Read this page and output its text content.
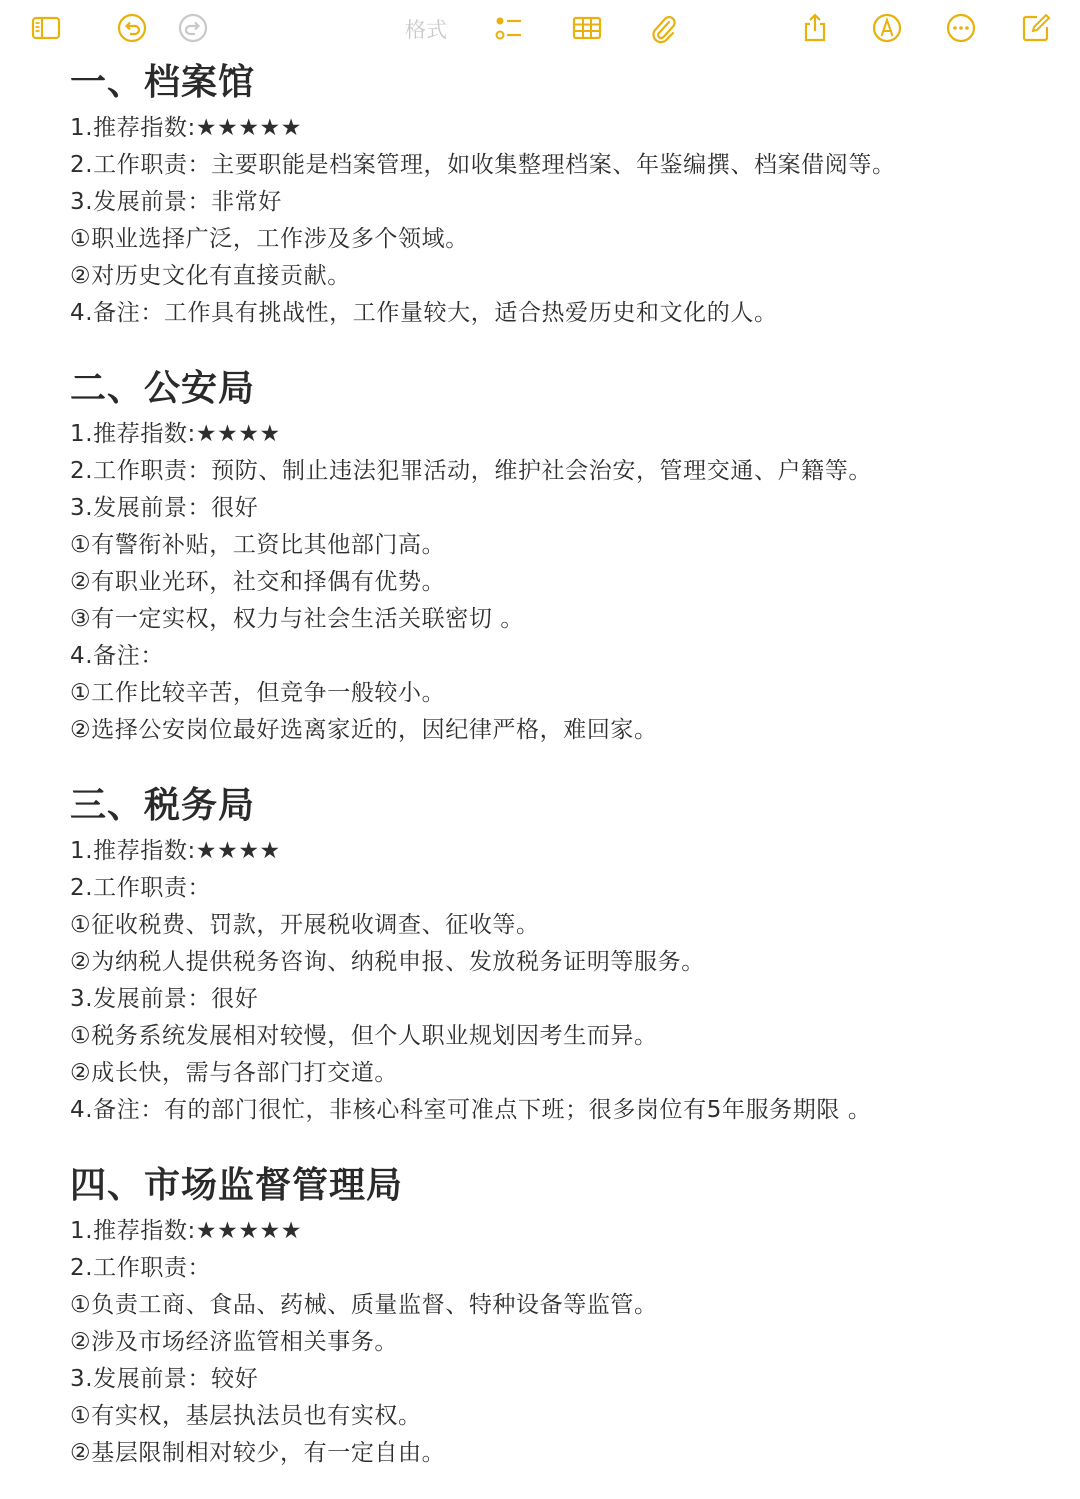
格式
一、档案馆
1.推荐指数:★★★★★
2.工作职责：主要职能是档案管理，如收集整理档案、年鉴编撰、档案借阅等。
3.发展前景：非常好
①职业选择广泛，工作涉及多个领域。
②对历史文化有直接贡献。
4.备注：工作具有挑战性，工作量较大，适合热爱历史和文化的人。
二、公安局
1.推荐指数:★★★★
2.工作职责：预防、制止违法犯罪活动，维护社会治安，管理交通、户籍等。
3.发展前景：很好
①有警衔补贴，工资比其他部门高。
②有职业光环，社交和择偶有优势。
③有一定实权，权力与社会生活关联密切 。
4.备注：
①工作比较辛苦，但竞争一般较小。
②选择公安岗位最好选离家近的，因纪律严格，难回家。
三、税务局
1.推荐指数:★★★★
2.工作职责：
①征收税费、罚款，开展税收调查、征收等。
②为纳税人提供税务咨询、纳税申报、发放税务证明等服务。
3.发展前景：很好
①税务系统发展相对较慢，但个人职业规划因考生而异。
②成长快，需与各部门打交道。
4.备注：有的部门很忙，非核心科室可准点下班；很多岗位有5年服务期限 。
四、市场监督管理局
1.推荐指数:★★★★★
2.工作职责：
①负责工商、食品、药械、质量监督、特种设备等监管。
②涉及市场经济监管相关事务。
3.发展前景：较好
①有实权，基层执法员也有实权。
②基层限制相对较少，有一定自由。
